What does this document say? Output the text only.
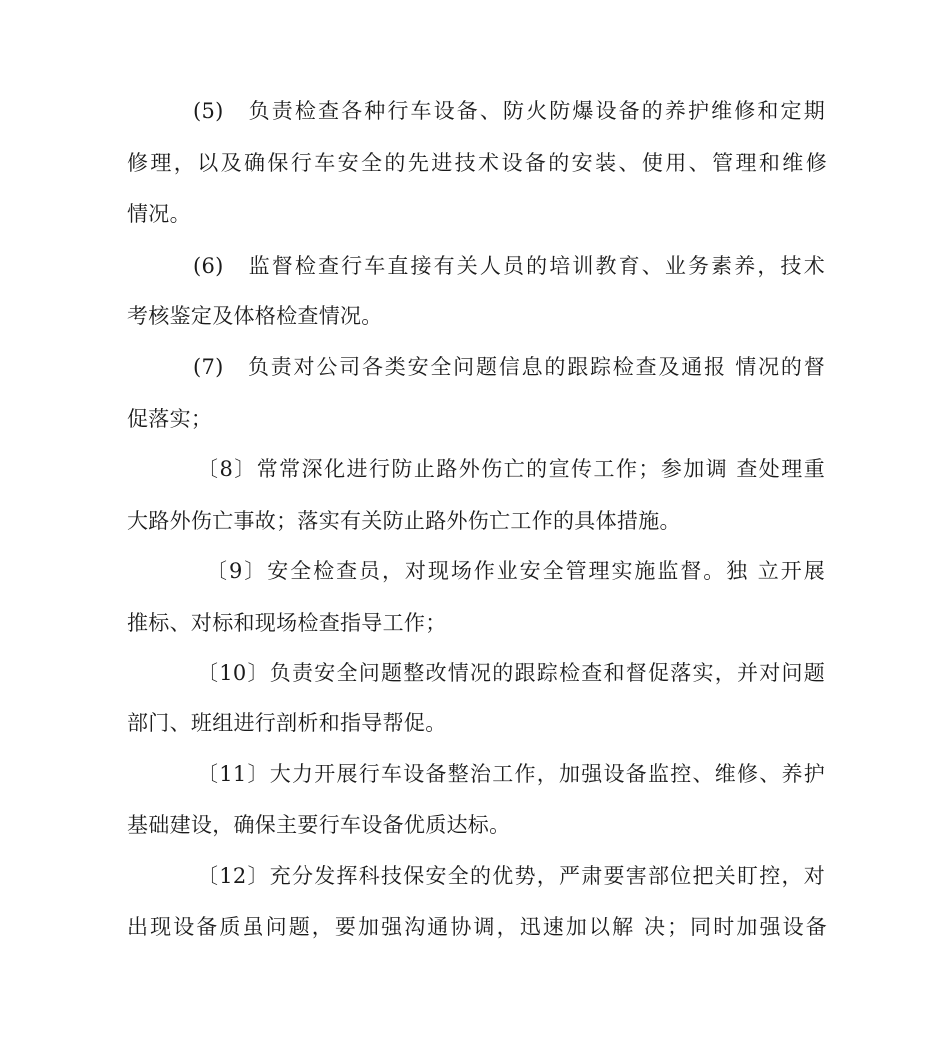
(5)　负责检查各种行车设备、防火防爆设备的养护维修和定期
修理，以及确保行车安全的先进技术设备的安装、使用、管理和维修
情况。
(6)　监督检查行车直接有关人员的培训教育、业务素养，技术
考核鉴定及体格检查情况。
(7)　负责对公司各类安全问题信息的跟踪检查及通报 情况的督
促落实；
〔8〕常常深化进行防止路外伤亡的宣传工作；参加调 查处理重
大路外伤亡事故；落实有关防止路外伤亡工作的具体措施。
〔9〕安全检查员，对现场作业安全管理实施监督。独 立开展
推标、对标和现场检查指导工作；
〔10〕负责安全问题整改情况的跟踪检查和督促落实，并对问题
部门、班组进行剖析和指导帮促。
〔11〕大力开展行车设备整治工作，加强设备监控、维修、养护
基础建设，确保主要行车设备优质达标。
〔12〕充分发挥科技保安全的优势，严肃要害部位把关盯控，对
出现设备质虽问题，要加强沟通协调，迅速加以解 决；同时加强设备
